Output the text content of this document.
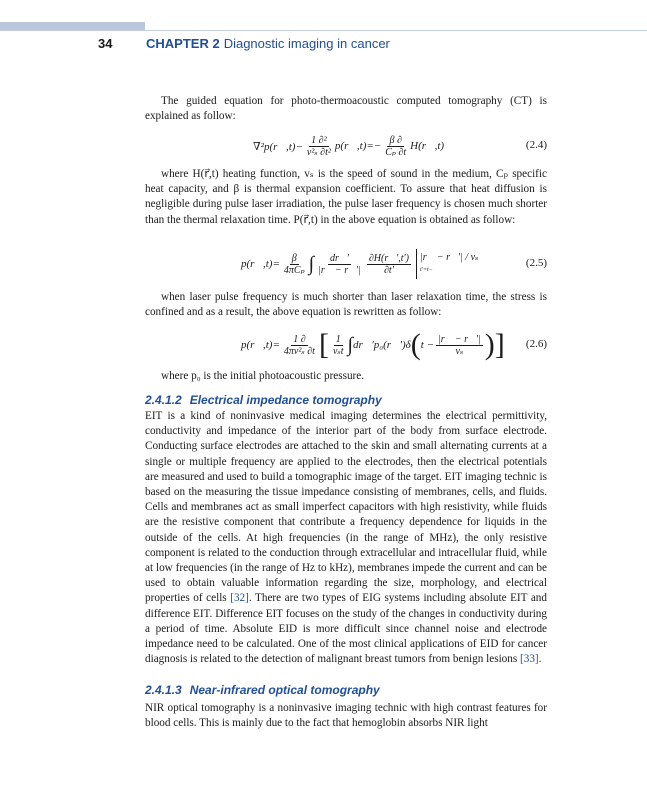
34	CHAPTER 2 Diagnostic imaging in cancer

The guided equation for photo-thermoacoustic computed tomography (CT) is explained as follow:

∇²p(r⃗,t)− $\frac{\text{1 ∂²}}{\text{v²ₛ ∂t²}}$ p(r⃗,t)=− $\frac{\beta \partial}{\text{Cₚ ∂t}}$ H(r⃗,t)	(2.4)

where H(r⃗,t) heating function, vₛ is the speed of sound in the medium, Cₚ specific heat capacity, and β is thermal expansion coefficient. To assure that heat diffusion is negligible during pulse laser irradiation, the pulse laser frequency is chosen much shorter than the thermal relaxation time. P(r⃗,t) in the above equation is obtained as follow:

p(r⃗,t)= $\frac{\beta}{\text{4πCₚ}}$ ∫ $\frac{dr⃗'}{|r⃗ - r⃗'|} \frac{\partial H(r⃗',t')}{\partial t'}$ |r⃗ − r⃗′| / vₛ
t′=t−
(2.5)

when laser pulse frequency is much shorter than laser relaxation time, the stress is confined and as a result, the above equation is rewritten as follow:

p(r⃗,t)= $\frac{1 \partial}{\text{4πv²ₛ ∂t}}$ [ $\frac{1}{\text{vₛt}}$ ∫ dr⃗′p₀(r⃗′)δ ( $t - \frac{|r⃗ - r⃗'|}{\text{vₛ}}$ ) ] (2.6)

where p₀ is the initial photoacoustic pressure.

2.4.1.2 Electrical impedance tomography

EIT is a kind of noninvasive medical imaging determines the electrical permittivity, conductivity and impedance of the interior part of the body from surface electrode. Conducting surface electrodes are attached to the skin and small alternating currents at a single or multiple frequency are applied to the electrodes, then the electrical potentials are measured and used to build a tomographic image of the target. EIT imaging technic is based on the measuring the tissue impedance consisting of membranes, cells, and fluids. Cells and membranes act as small imperfect capacitors with high resistivity, while fluids are the resistive component that contribute a frequency dependence for liquids in the outside of the cells. At high frequencies (in the range of MHz), the only resistive component is related to the conduction through extracellular and intracellular fluid, while at low frequencies (in the range of Hz to kHz), membranes impede the current and can be used to obtain valuable information regarding the size, morphology, and electrical properties of cells [32]. There are two types of EIG systems including absolute EIT and difference EIT. Difference EIT focuses on the study of the changes in conductivity during a period of time. Absolute EID is more difficult since channel noise and electrode impedance need to be calculated. One of the most clinical applications of EID for cancer diagnosis is related to the detection of malignant breast tumors from benign lesions [33].

2.4.1.3 Near-infrared optical tomography

NIR optical tomography is a noninvasive imaging technic with high contrast features for blood cells. This is mainly due to the fact that hemoglobin absorbs NIR light
